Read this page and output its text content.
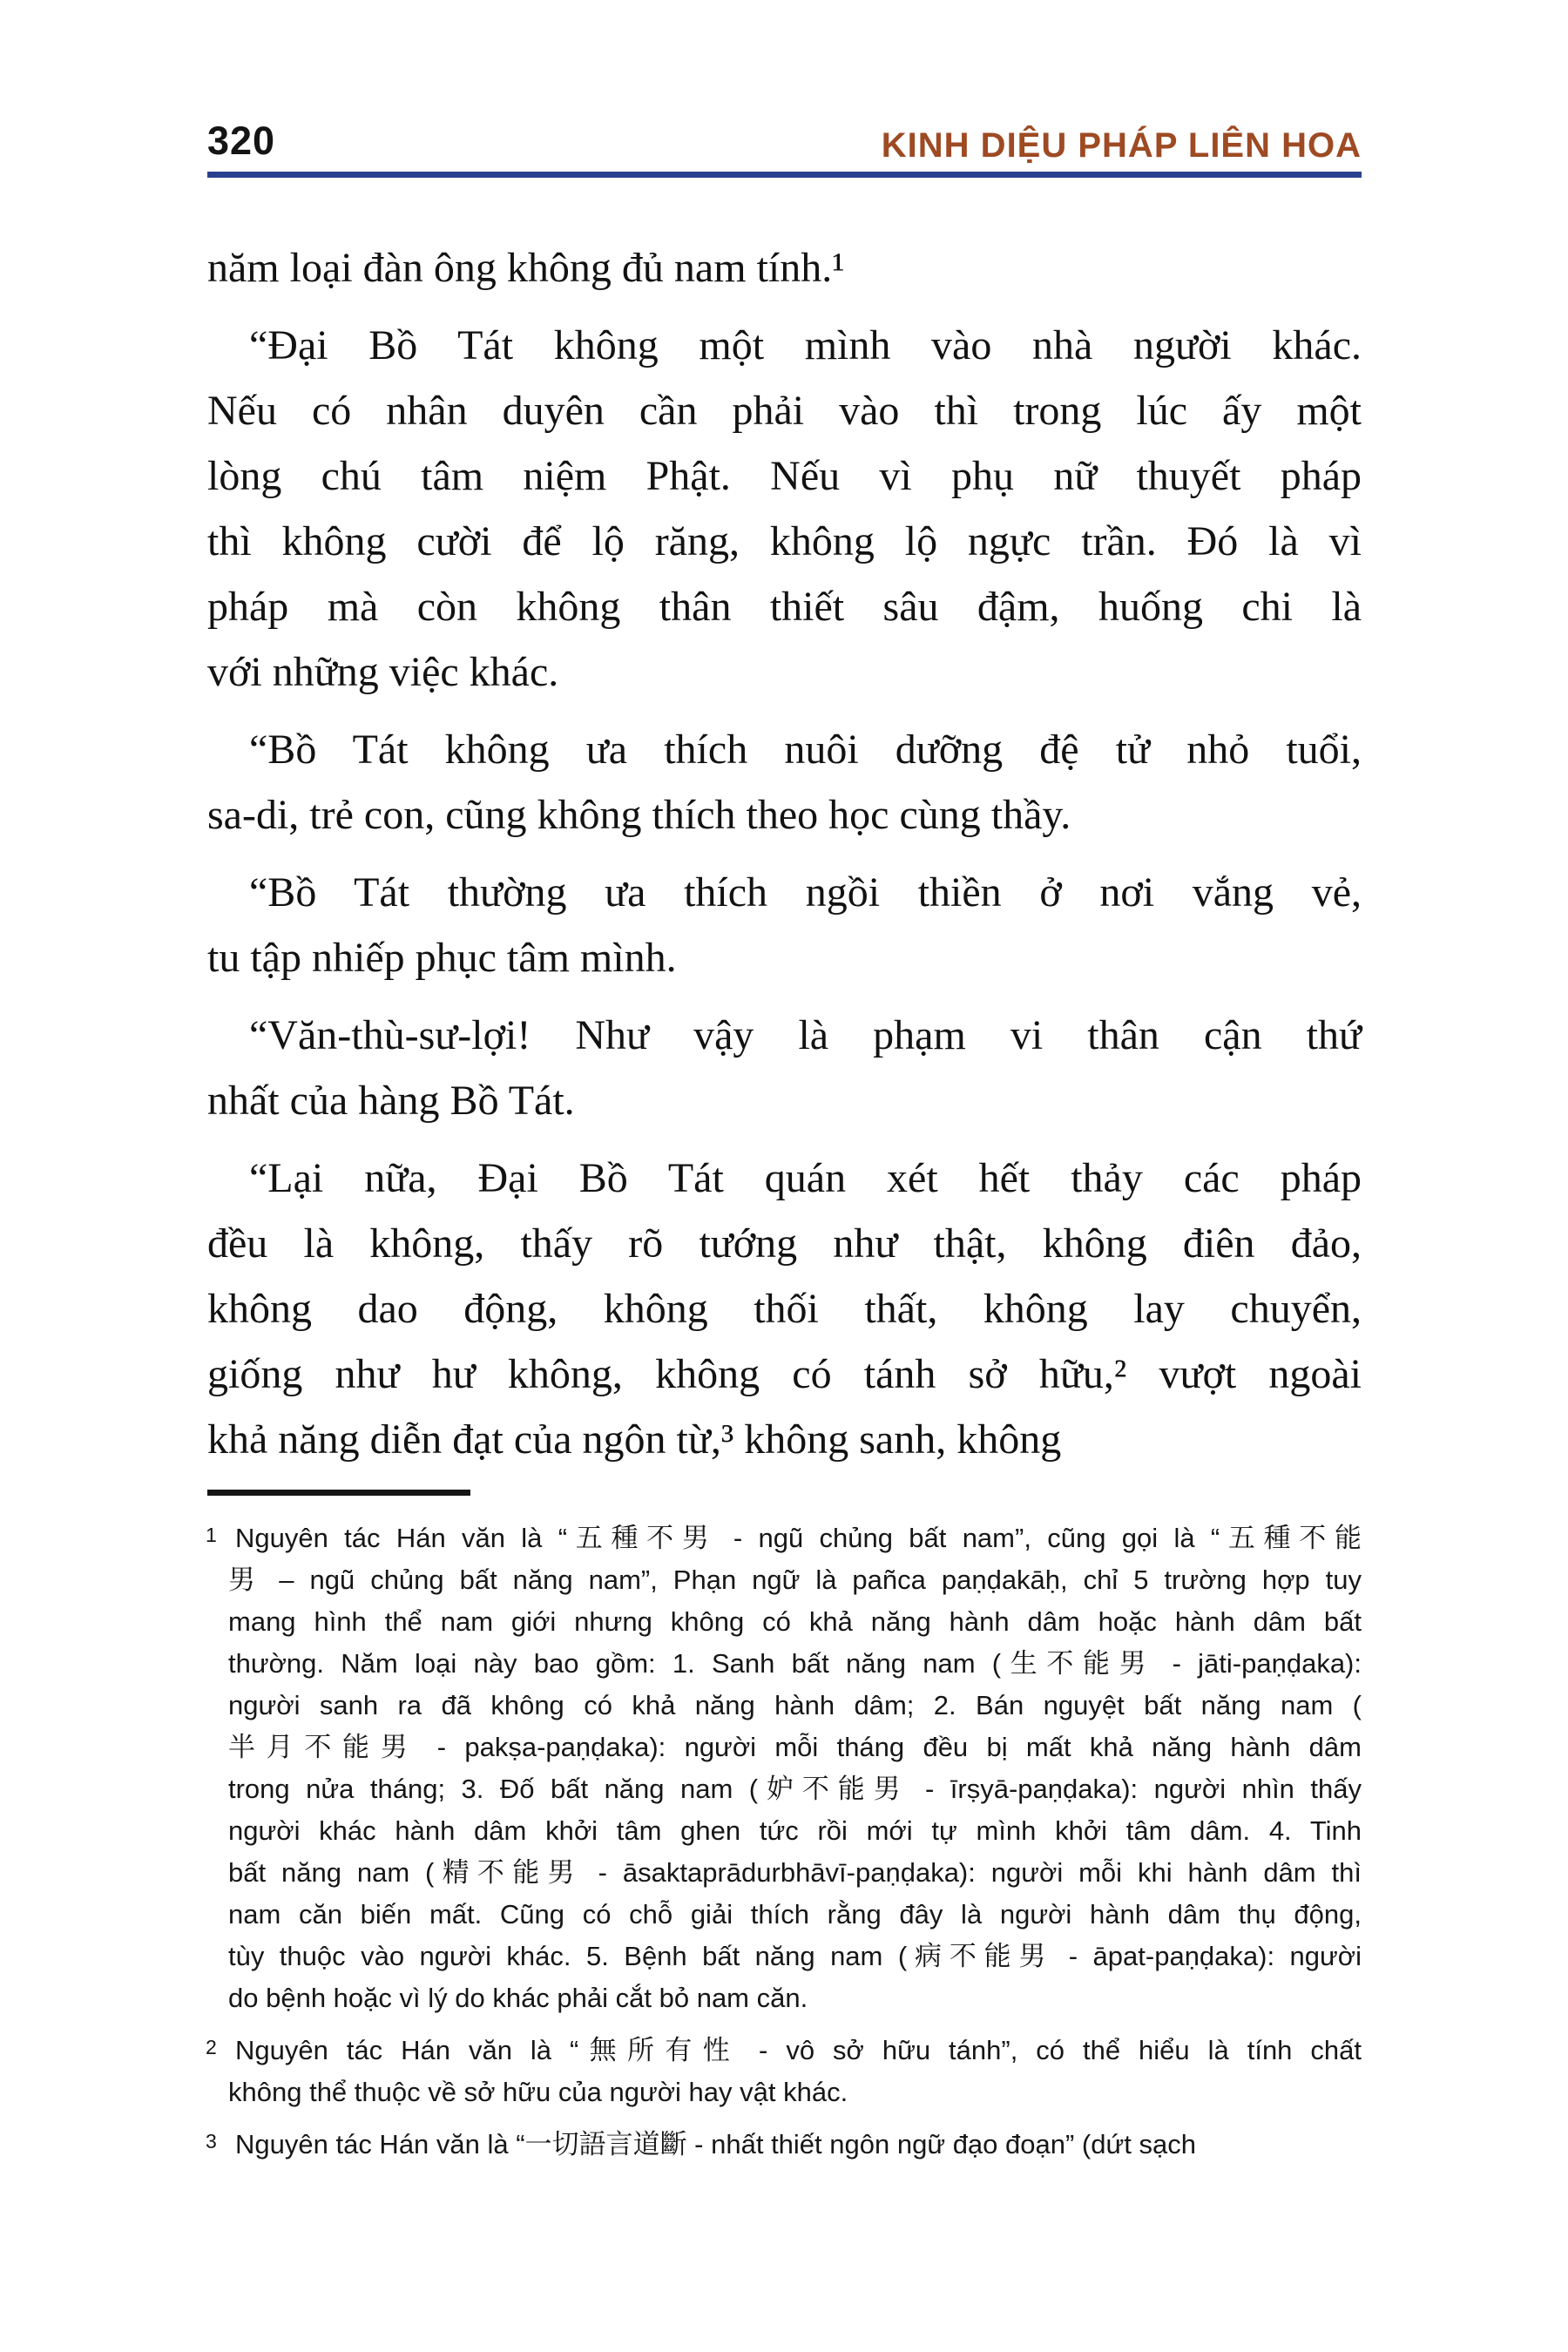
320	KINH DIỆU PHÁP LIÊN HOA
năm loại đàn ông không đủ nam tính.¹
“Đại Bồ Tát không một mình vào nhà người khác.
Nếu có nhân duyên cần phải vào thì trong lúc ấy một
lòng chú tâm niệm Phật. Nếu vì phụ nữ thuyết pháp
thì không cười để lộ răng, không lộ ngực trần. Đó là vì
pháp mà còn không thân thiết sâu đậm, huống chi là
với những việc khác.
“Bồ Tát không ưa thích nuôi dưỡng đệ tử nhỏ tuổi,
sa-di, trẻ con, cũng không thích theo học cùng thầy.
“Bồ Tát thường ưa thích ngồi thiền ở nơi vắng vẻ,
tu tập nhiếp phục tâm mình.
“Văn-thù-sư-lợi! Như vậy là phạm vi thân cận thứ
nhất của hàng Bồ Tát.
“Lại nữa, Đại Bồ Tát quán xét hết thảy các pháp
đều là không, thấy rõ tướng như thật, không điên đảo,
không dao động, không thối thất, không lay chuyển,
giống như hư không, không có tánh sở hữu,² vượt ngoài
khả năng diễn đạt của ngôn từ,³ không sanh, không
1 Nguyên tác Hán văn là “五種不男 - ngũ chủng bất nam”, cũng gọi là “五種不能
男 – ngũ chủng bất năng nam”, Phạn ngữ là pañca paṇḍakāḥ, chỉ 5 trường hợp tuy
mang hình thể nam giới nhưng không có khả năng hành dâm hoặc hành dâm bất
thường. Năm loại này bao gồm: 1. Sanh bất năng nam (生不能男 - jāti-paṇḍaka):
người sanh ra đã không có khả năng hành dâm; 2. Bán nguyệt bất năng nam (
半月不能男 - pakṣa-paṇḍaka): người mỗi tháng đều bị mất khả năng hành dâm
trong nửa tháng; 3. Đố bất năng nam (妒不能男 - īrṣyā-paṇḍaka): người nhìn thấy
người khác hành dâm khởi tâm ghen tức rồi mới tự mình khởi tâm dâm. 4. Tinh
bất năng nam (精不能男 - āsaktaprādurbhāvī-paṇḍaka): người mỗi khi hành dâm thì
nam căn biến mất. Cũng có chỗ giải thích rằng đây là người hành dâm thụ động,
tùy thuộc vào người khác. 5. Bệnh bất năng nam (病不能男 - āpat-paṇḍaka): người
do bệnh hoặc vì lý do khác phải cắt bỏ nam căn.
2 Nguyên tác Hán văn là “無所有性 - vô sở hữu tánh”, có thể hiểu là tính chất
không thể thuộc về sở hữu của người hay vật khác.
3 Nguyên tác Hán văn là “一切語言道斷 - nhất thiết ngôn ngữ đạo đoạn” (dứt sạch
